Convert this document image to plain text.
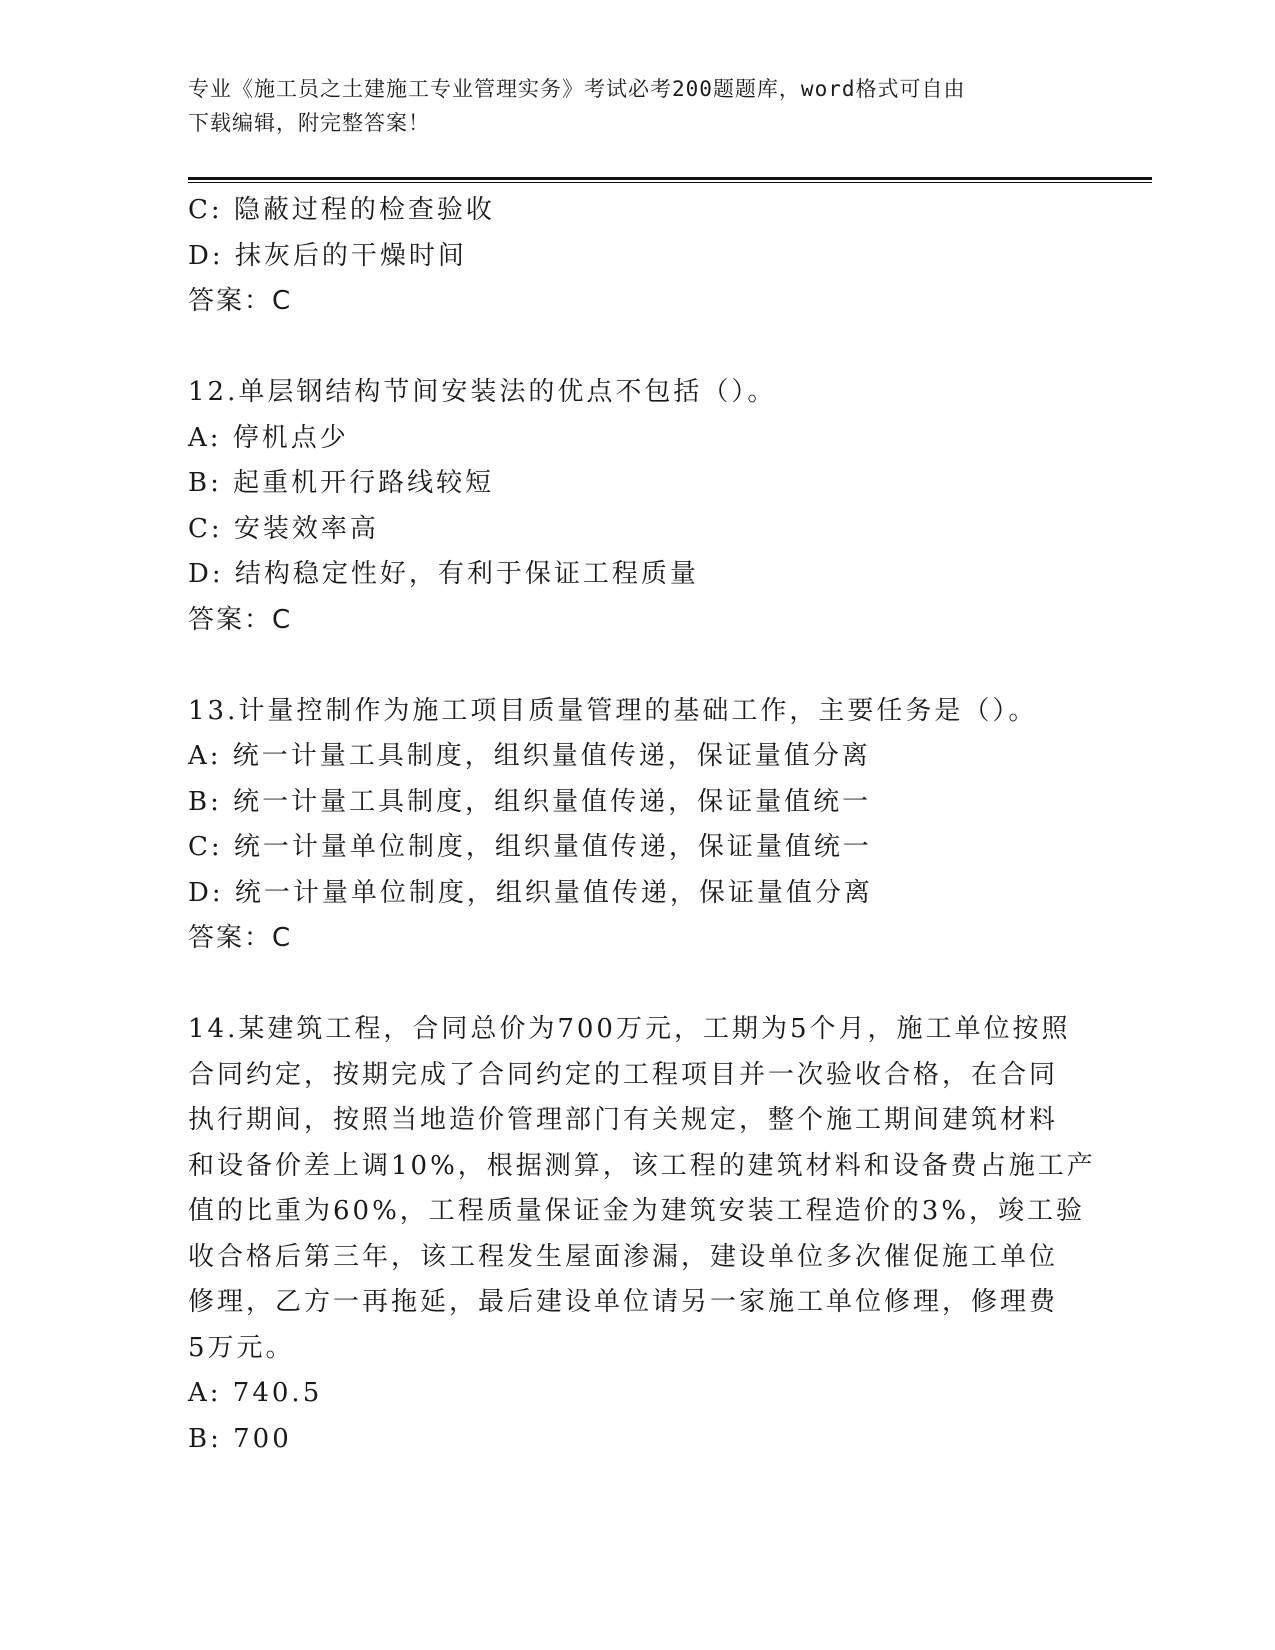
专业《施工员之土建施工专业管理实务》考试必考200题题库，word格式可自由
下载编辑，附完整答案！
C: 隐蔽过程的检查验收
D: 抹灰后的干燥时间
答案：C
12.单层钢结构节间安装法的优点不包括（）。
A: 停机点少
B: 起重机开行路线较短
C: 安装效率高
D: 结构稳定性好，有利于保证工程质量
答案：C
13.计量控制作为施工项目质量管理的基础工作，主要任务是（）。
A: 统一计量工具制度，组织量值传递，保证量值分离
B: 统一计量工具制度，组织量值传递，保证量值统一
C: 统一计量单位制度，组织量值传递，保证量值统一
D: 统一计量单位制度，组织量值传递，保证量值分离
答案：C
14.某建筑工程，合同总价为700万元，工期为5个月，施工单位按照
合同约定，按期完成了合同约定的工程项目并一次验收合格，在合同
执行期间，按照当地造价管理部门有关规定，整个施工期间建筑材料
和设备价差上调10%，根据测算，该工程的建筑材料和设备费占施工产
值的比重为60%，工程质量保证金为建筑安装工程造价的3%，竣工验
收合格后第三年，该工程发生屋面渗漏，建设单位多次催促施工单位
修理，乙方一再拖延，最后建设单位请另一家施工单位修理，修理费
5万元。
A: 740.5
B: 700
